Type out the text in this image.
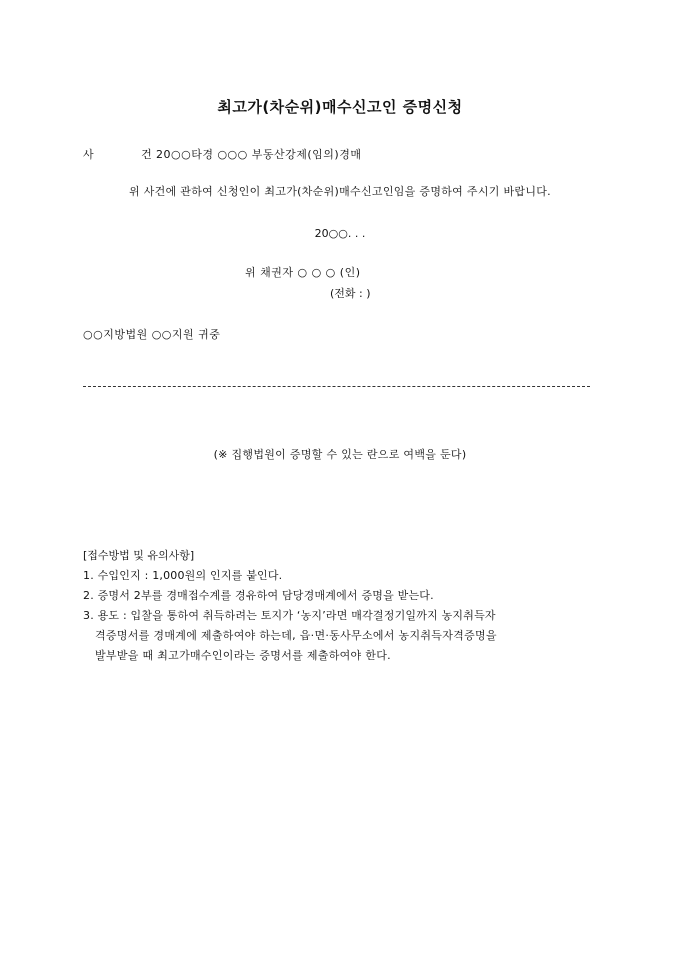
최고가(차순위)매수신고인 증명신청
사 건
20○○타경 ○○○ 부동산강제(임의)경매
위 사건에 관하여 신청인이 최고가(차순위)매수신고인임을 증명하여 주시기 바랍니다.
20○○. . .
위 채권자 ○ ○ ○ (인)
(전화 : )
○○지방법원 ○○지원 귀중
(※ 집행법원이 증명할 수 있는 란으로 여백을 둔다)
[접수방법 및 유의사항]
1. 수입인지 : 1,000원의 인지를 붙인다.
2. 증명서 2부를 경매접수계를 경유하여 담당경매계에서 증명을 받는다.
3. 용도 : 입찰을 통하여 취득하려는 토지가 ‘농지’라면 매각결정기일까지 농지취득자
격증명서를 경매계에 제출하여야 하는데, 읍·면·동사무소에서 농지취득자격증명을
발부받을 때 최고가매수인이라는 증명서를 제출하여야 한다.
